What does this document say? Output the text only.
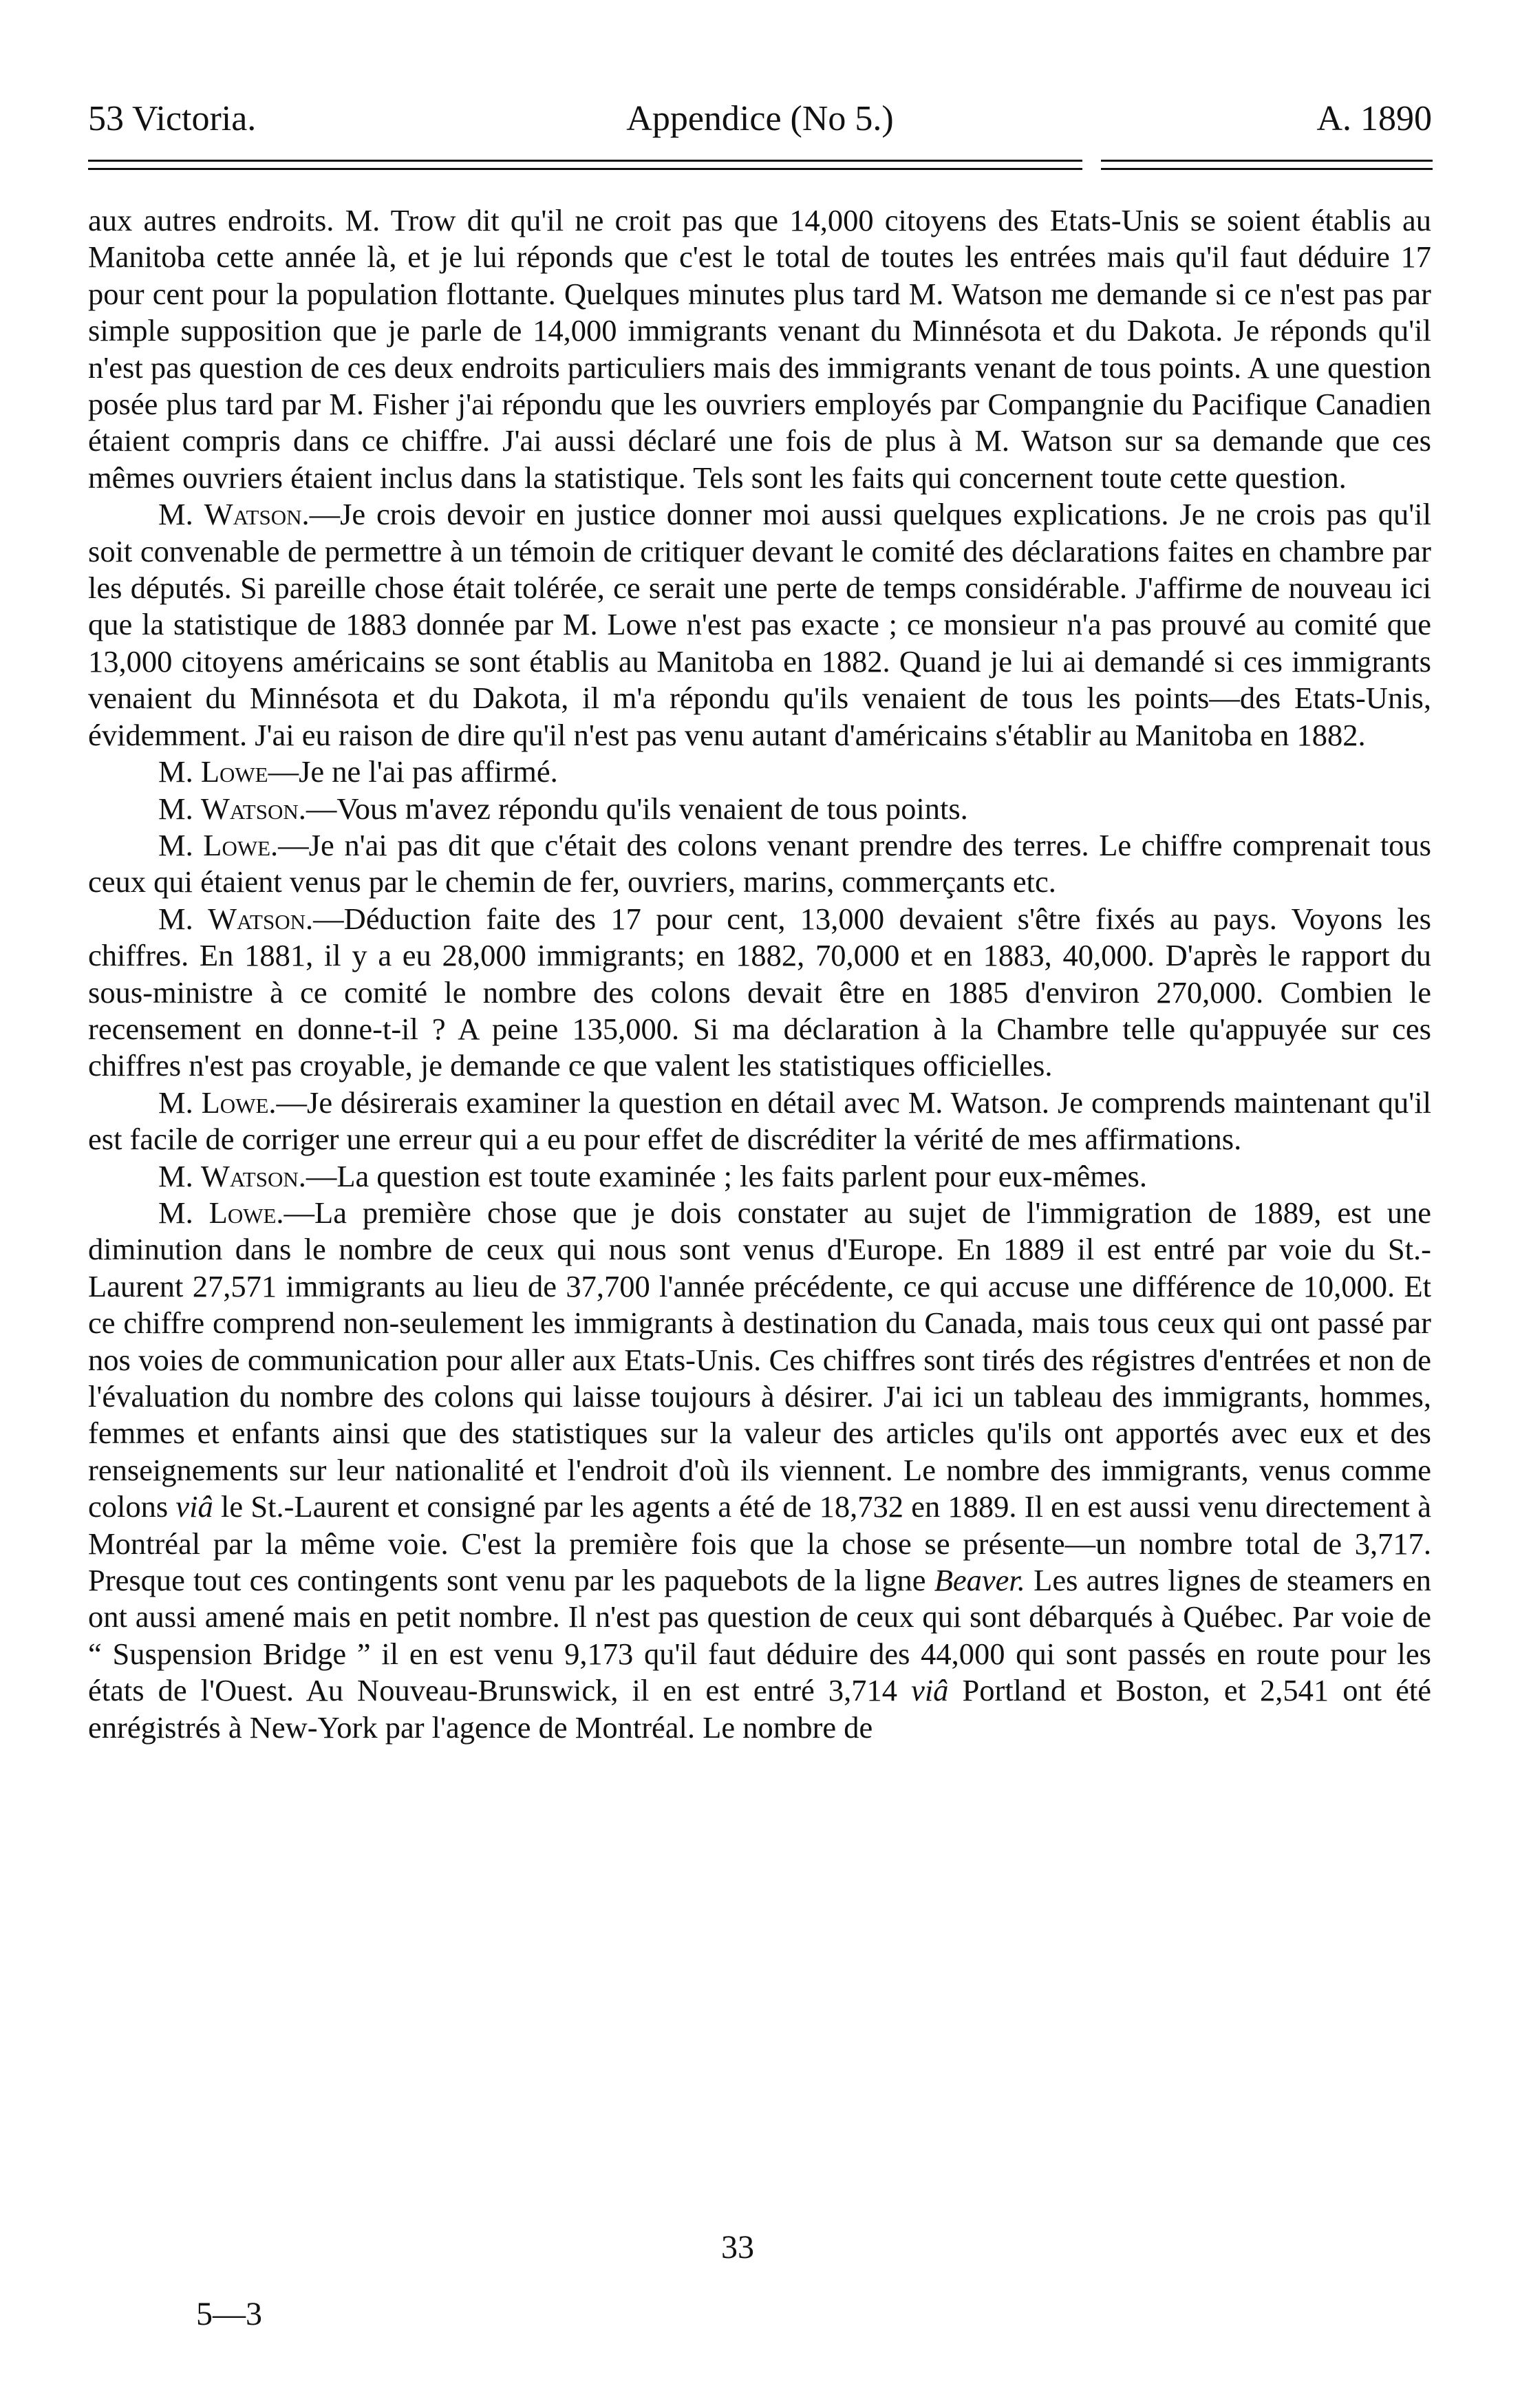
53 Victoria.	Appendice (No 5.)	A. 1890

aux autres endroits. M. Trow dit qu'il ne croit pas que 14,000 citoyens des Etats-Unis se soient établis au Manitoba cette année là, et je lui réponds que c'est le total de toutes les entrées mais qu'il faut déduire 17 pour cent pour la population flottante. Quelques minutes plus tard M. Watson me demande si ce n'est pas par simple supposition que je parle de 14,000 immigrants venant du Minnésota et du Dakota. Je réponds qu'il n'est pas question de ces deux endroits particuliers mais des immigrants venant de tous points. A une question posée plus tard par M. Fisher j'ai répondu que les ouvriers employés par Compangnie du Pacifique Canadien étaient compris dans ce chiffre. J'ai aussi déclaré une fois de plus à M. Watson sur sa demande que ces mêmes ouvriers étaient inclus dans la statistique. Tels sont les faits qui concernent toute cette question.

M. Watson.—Je crois devoir en justice donner moi aussi quelques explications. Je ne crois pas qu'il soit convenable de permettre à un témoin de critiquer devant le comité des déclarations faites en chambre par les députés. Si pareille chose était tolérée, ce serait une perte de temps considérable. J'affirme de nouveau ici que la statistique de 1883 donnée par M. Lowe n'est pas exacte ; ce monsieur n'a pas prouvé au comité que 13,000 citoyens américains se sont établis au Manitoba en 1882. Quand je lui ai demandé si ces immigrants venaient du Minnésota et du Dakota, il m'a répondu qu'ils venaient de tous les points—des Etats-Unis, évidemment. J'ai eu raison de dire qu'il n'est pas venu autant d'américains s'établir au Manitoba en 1882.

M. Lowe—Je ne l'ai pas affirmé.

M. Watson.—Vous m'avez répondu qu'ils venaient de tous points.

M. Lowe.—Je n'ai pas dit que c'était des colons venant prendre des terres. Le chiffre comprenait tous ceux qui étaient venus par le chemin de fer, ouvriers, marins, commerçants etc.

M. Watson.—Déduction faite des 17 pour cent, 13,000 devaient s'être fixés au pays. Voyons les chiffres. En 1881, il y a eu 28,000 immigrants; en 1882, 70,000 et en 1883, 40,000. D'après le rapport du sous-ministre à ce comité le nombre des colons devait être en 1885 d'environ 270,000. Combien le recensement en donne-t-il ? A peine 135,000. Si ma déclaration à la Chambre telle qu'appuyée sur ces chiffres n'est pas croyable, je demande ce que valent les statistiques officielles.

M. Lowe.—Je désirerais examiner la question en détail avec M. Watson. Je comprends maintenant qu'il est facile de corriger une erreur qui a eu pour effet de discréditer la vérité de mes affirmations.

M. Watson.—La question est toute examinée ; les faits parlent pour eux-mêmes.

M. Lowe.—La première chose que je dois constater au sujet de l'immigration de 1889, est une diminution dans le nombre de ceux qui nous sont venus d'Europe. En 1889 il est entré par voie du St.-Laurent 27,571 immigrants au lieu de 37,700 l'année précédente, ce qui accuse une différence de 10,000. Et ce chiffre comprend non-seulement les immigrants à destination du Canada, mais tous ceux qui ont passé par nos voies de communication pour aller aux Etats-Unis. Ces chiffres sont tirés des régistres d'entrées et non de l'évaluation du nombre des colons qui laisse toujours à désirer. J'ai ici un tableau des immigrants, hommes, femmes et enfants ainsi que des statistiques sur la valeur des articles qu'ils ont apportés avec eux et des renseignements sur leur nationalité et l'endroit d'où ils viennent. Le nombre des immigrants, venus comme colons viâ le St.-Laurent et consigné par les agents a été de 18,732 en 1889. Il en est aussi venu directement à Montréal par la même voie. C'est la première fois que la chose se présente—un nombre total de 3,717. Presque tout ces contingents sont venu par les paquebots de la ligne Beaver. Les autres lignes de steamers en ont aussi amené mais en petit nombre. Il n'est pas question de ceux qui sont débarqués à Québec. Par voie de “ Suspension Bridge ” il en est venu 9,173 qu'il faut déduire des 44,000 qui sont passés en route pour les états de l'Ouest. Au Nouveau-Brunswick, il en est entré 3,714 viâ Portland et Boston, et 2,541 ont été enrégistrés à New-York par l'agence de Montréal. Le nombre de

33
5—3
